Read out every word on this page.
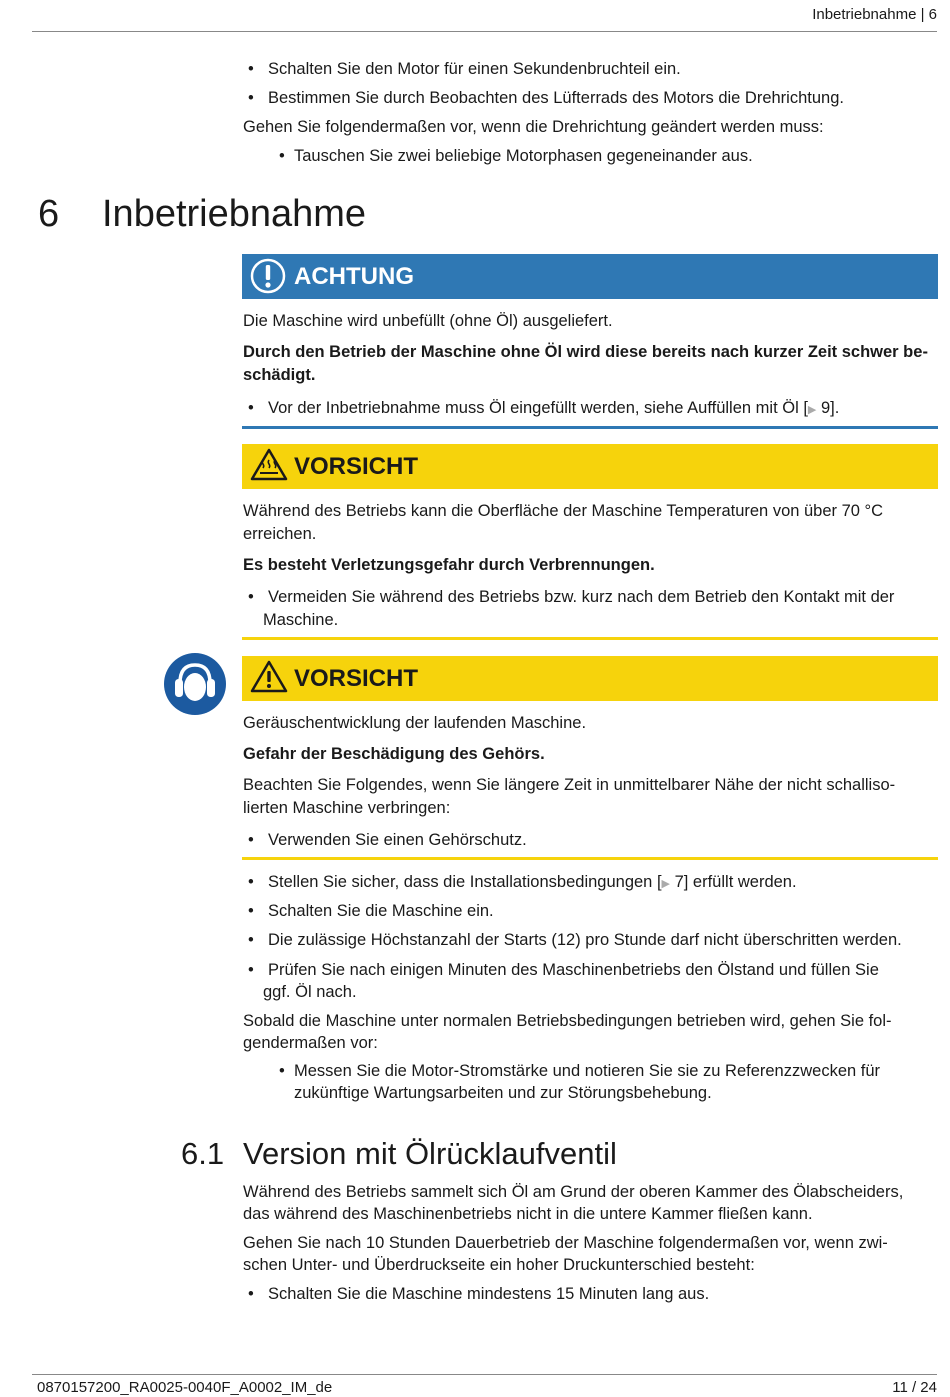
Inbetriebnahme | 6
• Schalten Sie den Motor für einen Sekundenbruchteil ein.
• Bestimmen Sie durch Beobachten des Lüfterrads des Motors die Drehrichtung.
Gehen Sie folgendermaßen vor, wenn die Drehrichtung geändert werden muss:
• Tauschen Sie zwei beliebige Motorphasen gegeneinander aus.
6 Inbetriebnahme
ACHTUNG
Die Maschine wird unbefüllt (ohne Öl) ausgeliefert.
Durch den Betrieb der Maschine ohne Öl wird diese bereits nach kurzer Zeit schwer be-
schädigt.
• Vor der Inbetriebnahme muss Öl eingefüllt werden, siehe Auffüllen mit Öl [▶ 9].
VORSICHT
Während des Betriebs kann die Oberfläche der Maschine Temperaturen von über 70 °C
erreichen.
Es besteht Verletzungsgefahr durch Verbrennungen.
• Vermeiden Sie während des Betriebs bzw. kurz nach dem Betrieb den Kontakt mit der
Maschine.
VORSICHT
Geräuschentwicklung der laufenden Maschine.
Gefahr der Beschädigung des Gehörs.
Beachten Sie Folgendes, wenn Sie längere Zeit in unmittelbarer Nähe der nicht schalliso-
lierten Maschine verbringen:
• Verwenden Sie einen Gehörschutz.
• Stellen Sie sicher, dass die Installationsbedingungen [▶ 7] erfüllt werden.
• Schalten Sie die Maschine ein.
• Die zulässige Höchstanzahl der Starts (12) pro Stunde darf nicht überschritten werden.
• Prüfen Sie nach einigen Minuten des Maschinenbetriebs den Ölstand und füllen Sie
ggf. Öl nach.
Sobald die Maschine unter normalen Betriebsbedingungen betrieben wird, gehen Sie fol-
gendermaßen vor:
• Messen Sie die Motor-Stromstärke und notieren Sie sie zu Referenzzwecken für
zukünftige Wartungsarbeiten und zur Störungsbehebung.
6.1 Version mit Ölrücklaufventil
Während des Betriebs sammelt sich Öl am Grund der oberen Kammer des Ölabscheiders,
das während des Maschinenbetriebs nicht in die untere Kammer fließen kann.
Gehen Sie nach 10 Stunden Dauerbetrieb der Maschine folgendermaßen vor, wenn zwi-
schen Unter- und Überdruckseite ein hoher Druckunterschied besteht:
• Schalten Sie die Maschine mindestens 15 Minuten lang aus.
0870157200_RA0025-0040F_A0002_IM_de	11 / 24
